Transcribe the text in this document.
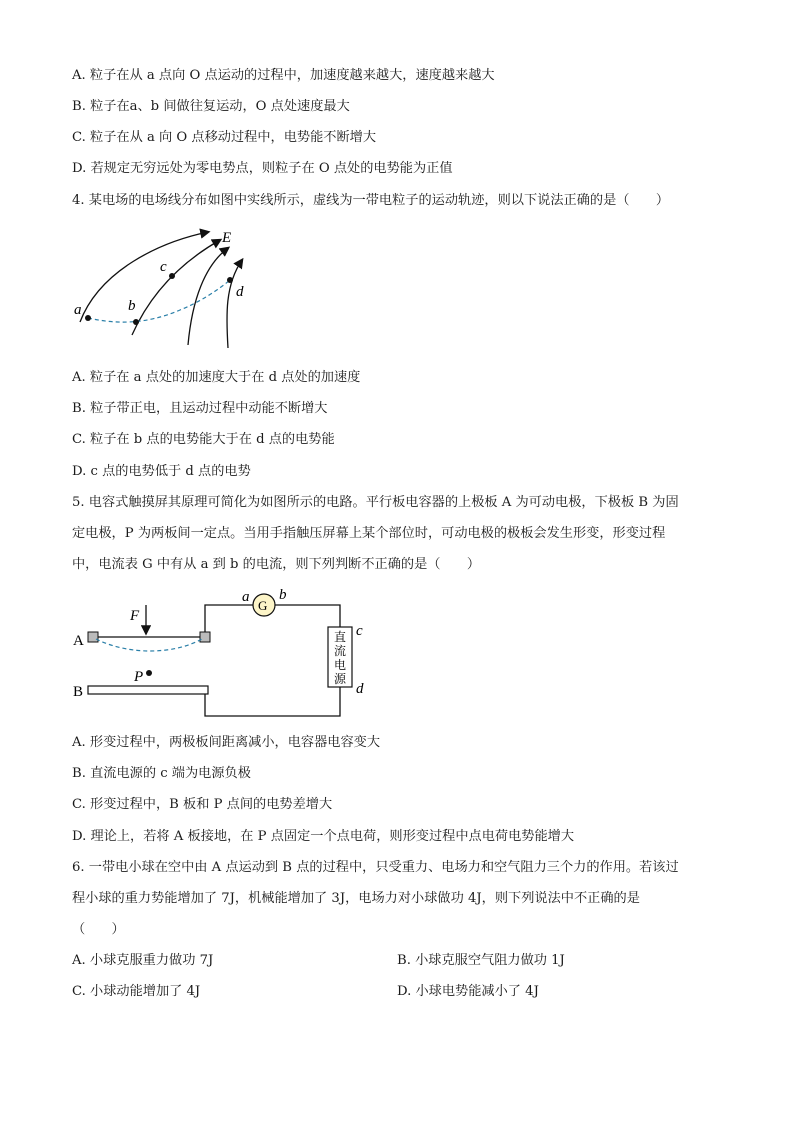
A. 粒子在从 a 点向 O 点运动的过程中，加速度越来越大，速度越来越大
B. 粒子在a、b 间做往复运动，O 点处速度最大
C. 粒子在从 a 向 O 点移动过程中，电势能不断增大
D. 若规定无穷远处为零电势点，则粒子在 O 点处的电势能为正值
4. 某电场的电场线分布如图中实线所示，虚线为一带电粒子的运动轨迹，则以下说法正确的是（　　）
E
a	b
c
d
A. 粒子在 a 点处的加速度大于在 d 点处的加速度
B. 粒子带正电，且运动过程中动能不断增大
C. 粒子在 b 点的电势能大于在 d 点的电势能
D. c 点的电势低于 d 点的电势
5. 电容式触摸屏其原理可简化为如图所示的电路。平行板电容器的上极板 A 为可动电极，下极板 B 为固
定电极，P 为两板间一定点。当用手指触压屏幕上某个部位时，可动电极的极板会发生形变，形变过程
中，电流表 G 中有从 a 到 b 的电流，则下列判断不正确的是（　　）
F
A
B
P
G
a b
直
流
电
源
c
d
A. 形变过程中，两极板间距离减小，电容器电容变大
B. 直流电源的 c 端为电源负极
C. 形变过程中，B 板和 P 点间的电势差增大
D. 理论上，若将 A 板接地，在 P 点固定一个点电荷，则形变过程中点电荷电势能增大
6. 一带电小球在空中由 A 点运动到 B 点的过程中，只受重力、电场力和空气阻力三个力的作用。若该过
程小球的重力势能增加了 7J，机械能增加了 3J，电场力对小球做功 4J，则下列说法中不正确的是
（　　）
A. 小球克服重力做功 7J	B. 小球克服空气阻力做功 1J
C. 小球动能增加了 4J	D. 小球电势能减小了 4J
